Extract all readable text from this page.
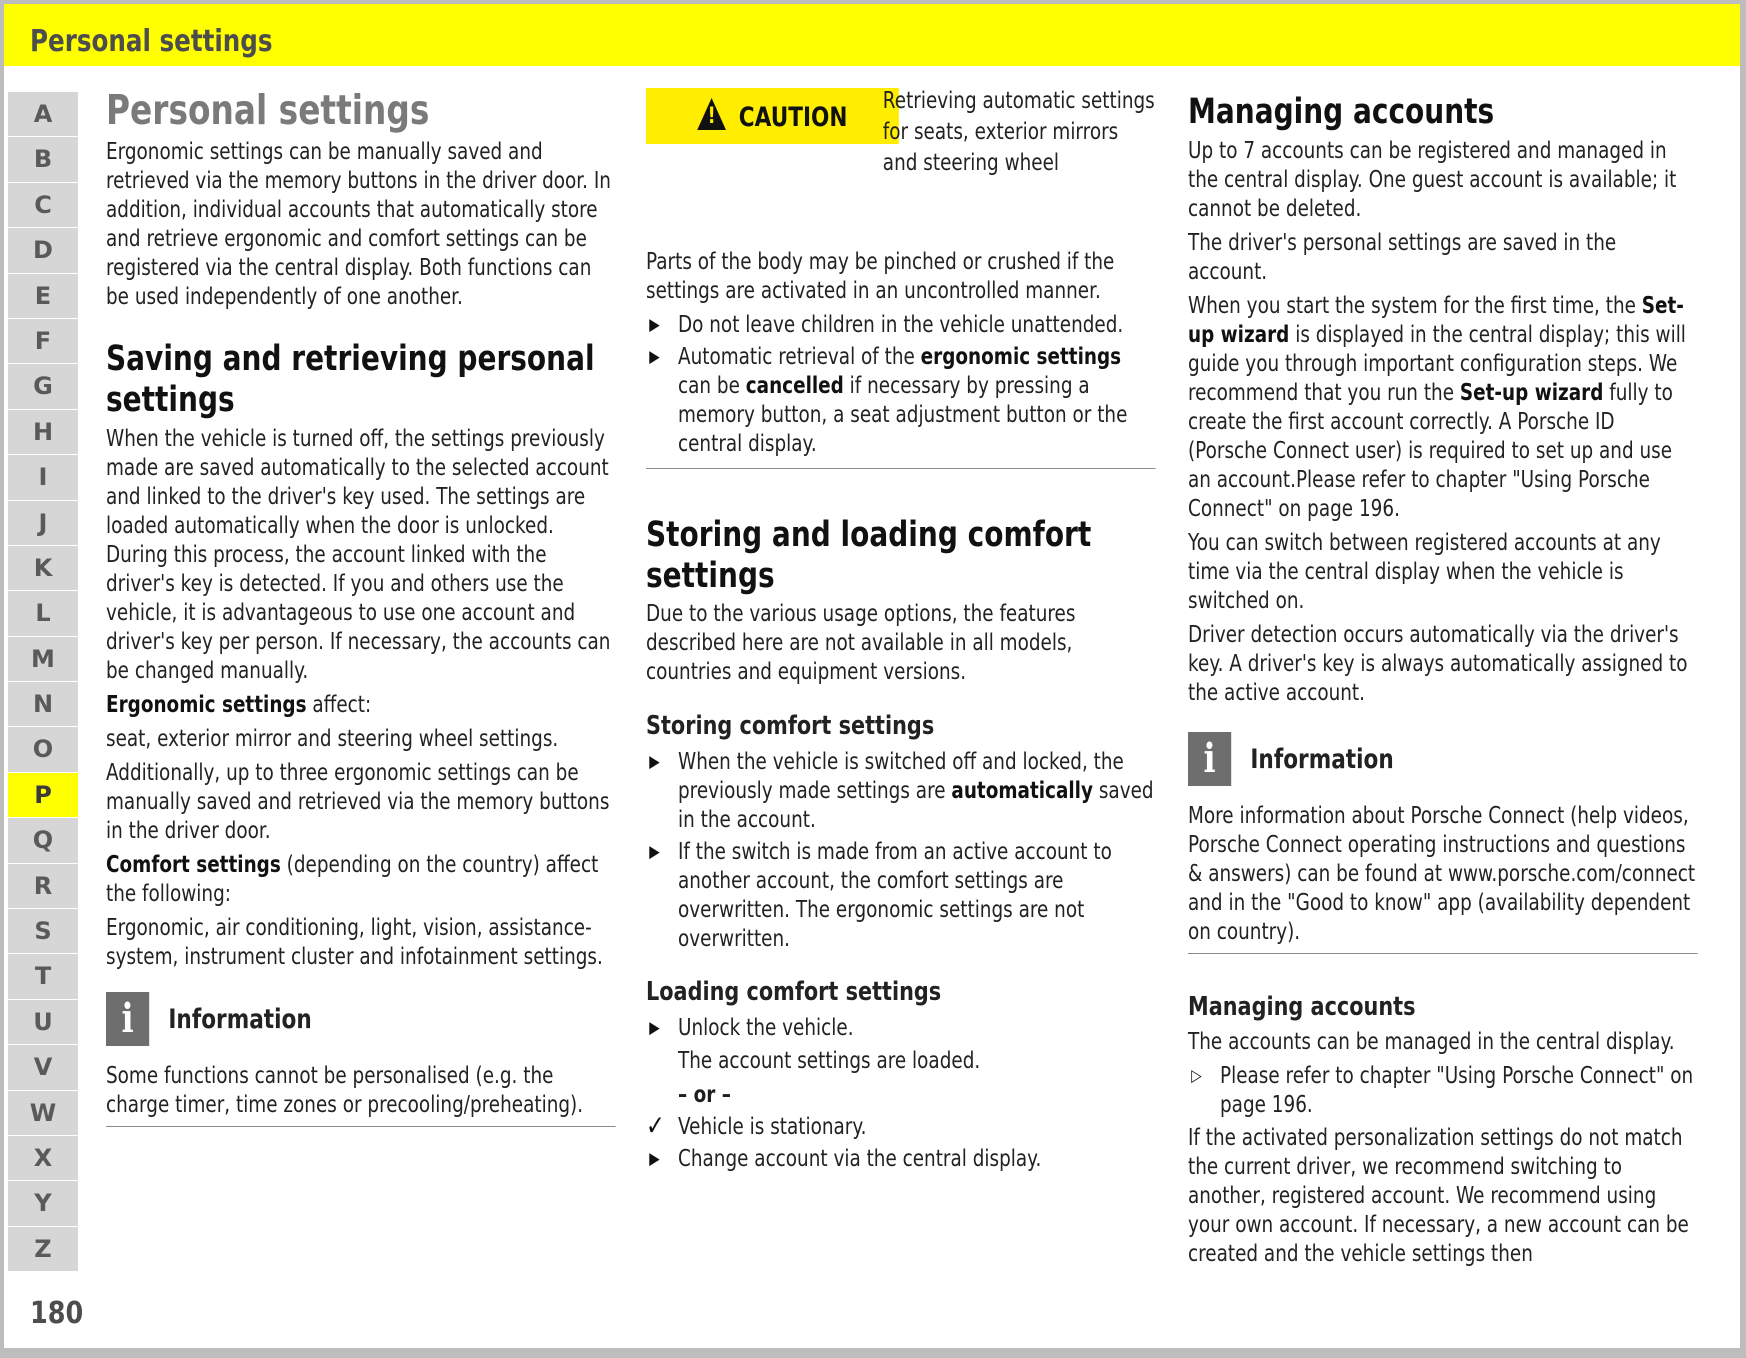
Personal settings
A
B
C
D
E
F
G
H
I
J
K
L
M
N
O
P
Q
R
S
T
U
V
W
X
Y
Z
180
Personal settings

Ergonomic settings can be manually saved and retrieved via the memory buttons in the driver door. In addition, individual accounts that automatically store and retrieve ergonomic and comfort settings can be registered via the central display. Both functions can be used independently of one another.

Saving and retrieving personal settings

When the vehicle is turned off, the settings previously made are saved automatically to the selected account and linked to the driver's key used. The settings are loaded automatically when the door is unlocked. During this process, the account linked with the driver's key is detected. If you and others use the vehicle, it is advantageous to use one account and driver's key per person. If necessary, the accounts can be changed manually.

Ergonomic settings affect:

seat, exterior mirror and steering wheel settings.

Additionally, up to three ergonomic settings can be manually saved and retrieved via the memory buttons in the driver door.

Comfort settings (depending on the country) affect the following:

Ergonomic, air conditioning, light, vision, assistance-system, instrument cluster and infotainment settings.

i	Information

Some functions cannot be personalised (e.g. the charge timer, time zones or precooling/preheating).

! CAUTION
Retrieving automatic settings for seats, exterior mirrors and steering wheel

Parts of the body may be pinched or crushed if the settings are activated in an uncontrolled manner.

▶ Do not leave children in the vehicle unattended.
▶ Automatic retrieval of the ergonomic settings can be cancelled if necessary by pressing a memory button, a seat adjustment button or the central display.
Storing and loading comfort settings

Due to the various usage options, the features described here are not available in all models, countries and equipment versions.

Storing comfort settings
▶ When the vehicle is switched off and locked, the previously made settings are automatically saved in the account.
▶ If the switch is made from an active account to another account, the comfort settings are overwritten. The ergonomic settings are not overwritten.
Loading comfort settings
▶ Unlock the vehicle.

The account settings are loaded.

– or –
✓ Vehicle is stationary.
▶ Change account via the central display.
Managing accounts

Up to 7 accounts can be registered and managed in the central display. One guest account is available; it cannot be deleted.

The driver's personal settings are saved in the account.

When you start the system for the first time, the Set-up wizard is displayed in the central display; this will guide you through important configuration steps. We recommend that you run the Set-up wizard fully to create the first account correctly. A Porsche ID (Porsche Connect user) is required to set up and use an account.Please refer to chapter "Using Porsche Connect" on page 196.

You can switch between registered accounts at any time via the central display when the vehicle is switched on.

Driver detection occurs automatically via the driver's key. A driver's key is always automatically assigned to the active account.

i	Information

More information about Porsche Connect (help videos, Porsche Connect operating instructions and questions & answers) can be found at www.porsche.com/connect and in the "Good to know" app (availability dependent on country).

Managing accounts

The accounts can be managed in the central display.

▷ Please refer to chapter "Using Porsche Connect" on page 196.

If the activated personalization settings do not match the current driver, we recommend switching to another, registered account. We recommend using your own account. If necessary, a new account can be created and the vehicle settings then
